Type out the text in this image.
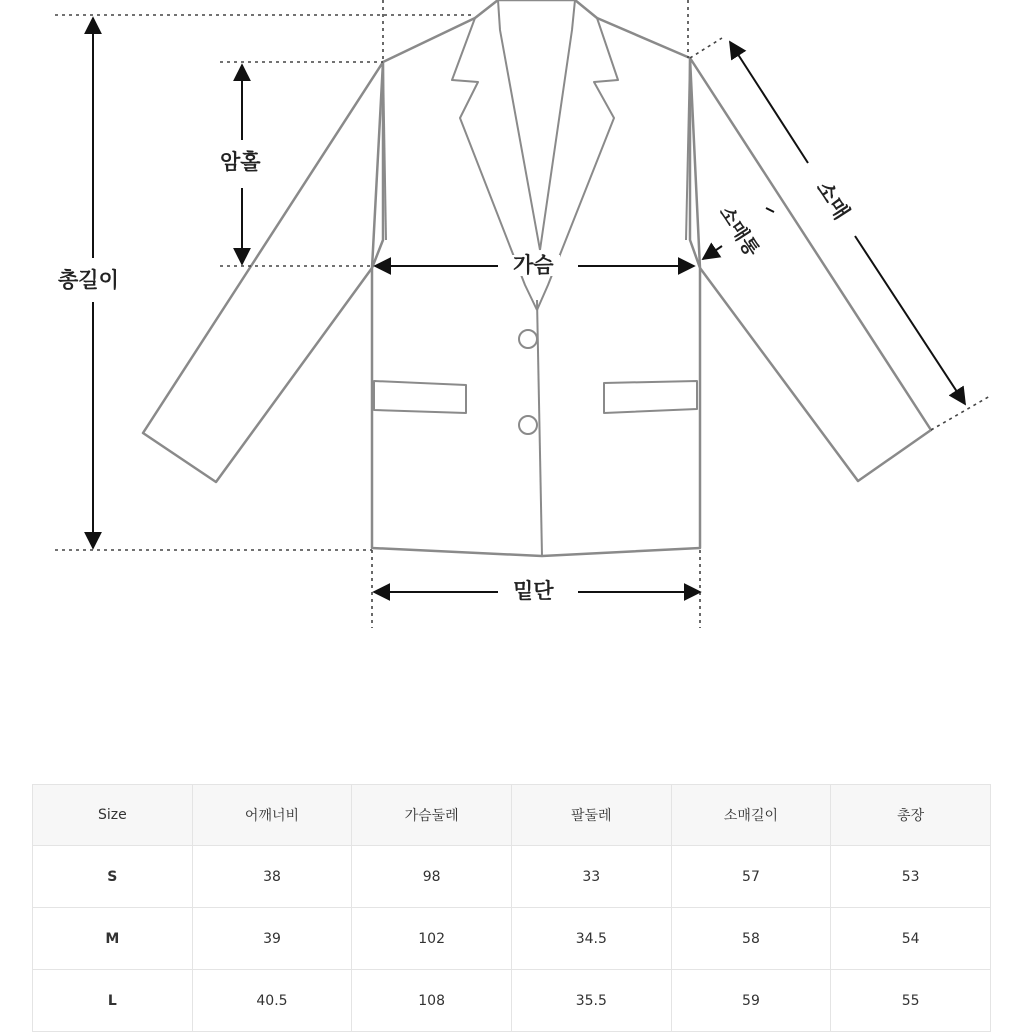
총길이
암홀
가슴
밑단
소매
소매통
Size	어깨너비	가슴둘레	팔둘레	소매길이	총장
S	38	98	33	57	53
M	39	102	34.5	58	54
L	40.5	108	35.5	59	55
